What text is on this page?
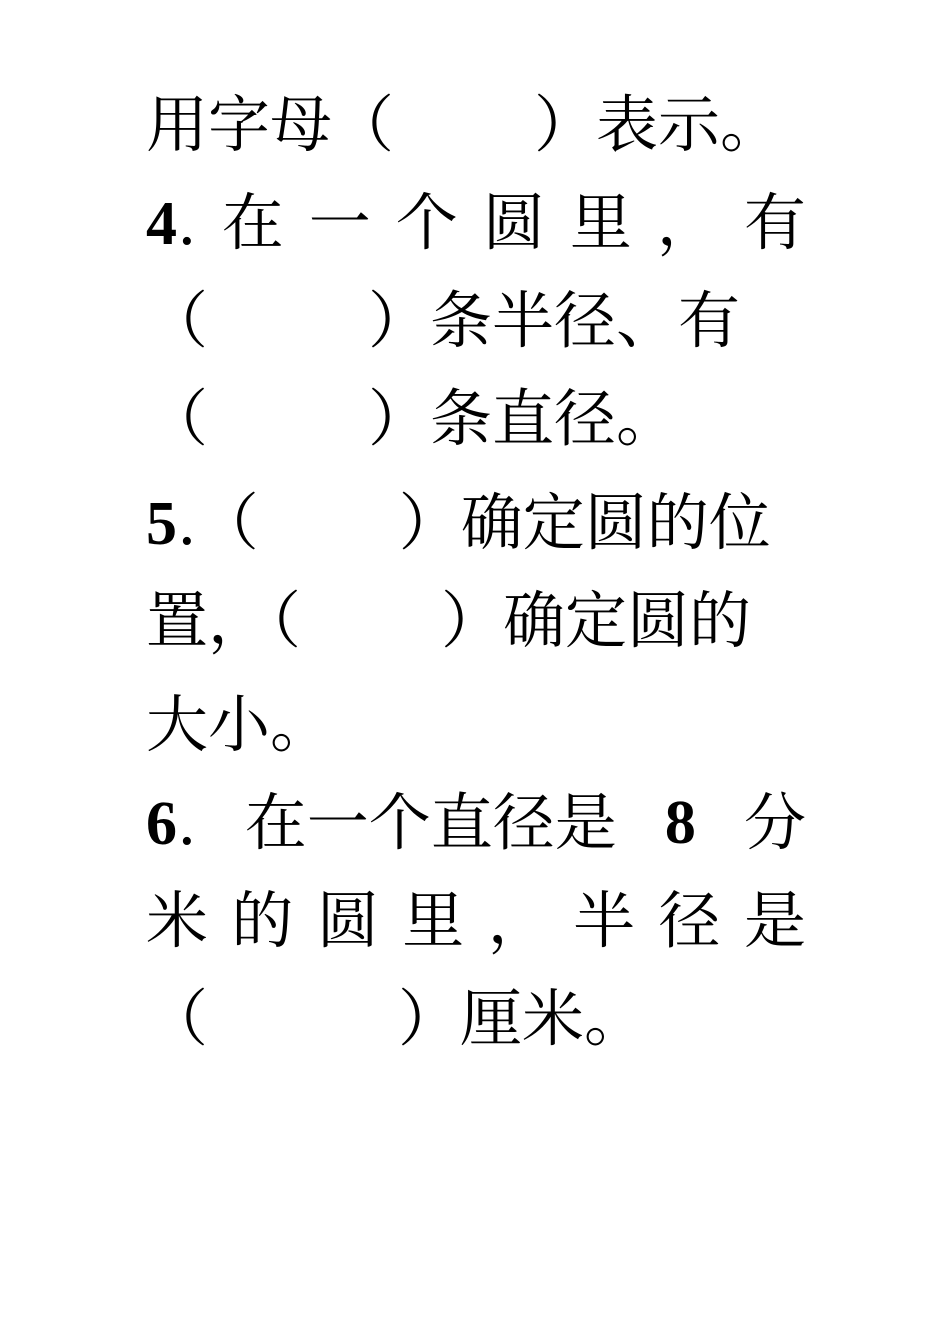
用字母（ ）表示。
4. 在 一 个 圆 里 ， 有
（	）条半径、有
（	）条直径。
5.（ ）确定圆的位
置，（ ）确定圆的
大小。
6. 在一个直径是 8 分
米 的 圆 里 ， 半 径 是
（	）厘米。
